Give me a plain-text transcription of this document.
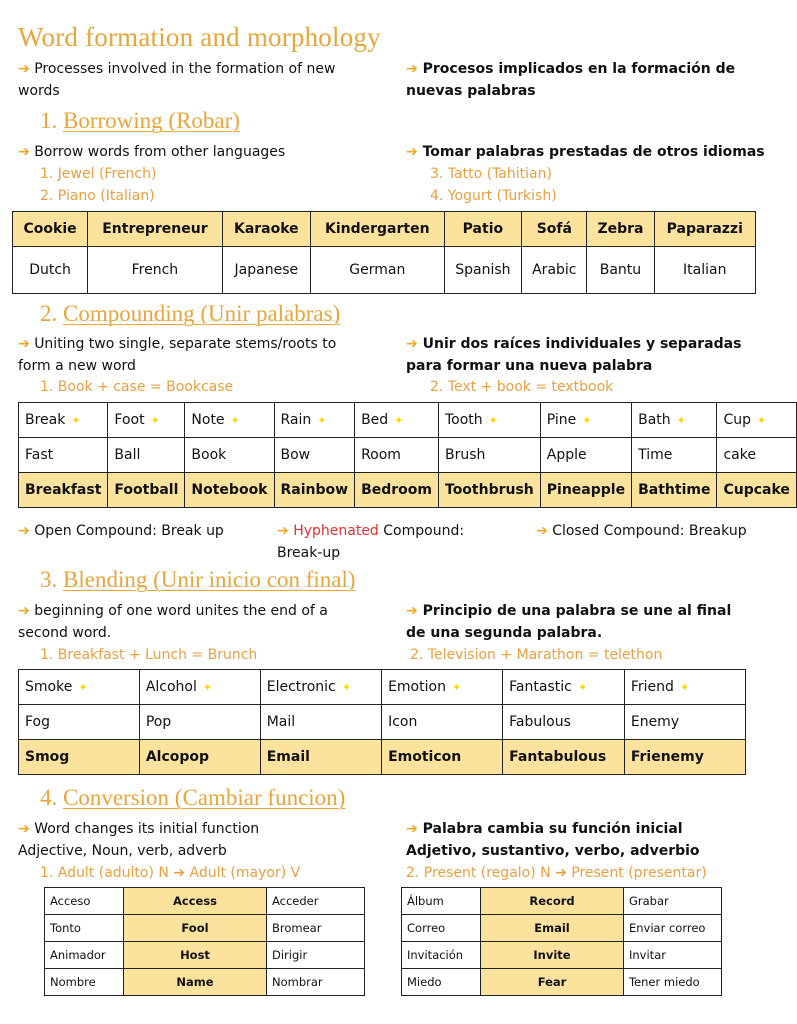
Word formation and morphology
➔ Processes involved in the formation of new words
➔ Procesos implicados en la formación de nuevas palabras
1. Borrowing (Robar)
➔ Borrow words from other languages	➔ Tomar palabras prestadas de otros idiomas
1. Jewel (French)
2. Piano (Italian)
3. Tatto (Tahitian)
4. Yogurt (Turkish)
Cookie	Entrepreneur	Karaoke	Kindergarten	Patio	Sofá	Zebra	Paparazzi
Dutch	French	Japanese	German	Spanish	Arabic	Bantu	Italian
2. Compounding (Unir palabras)
➔ Uniting two single, separate stems/roots to form a new word
➔ Unir dos raíces individuales y separadas para formar una nueva palabra
1. Book + case = Bookcase	2. Text + book = textbook
Break ✦	Foot ✦	Note ✦	Rain ✦	Bed ✦	Tooth ✦	Pine ✦	Bath ✦	Cup ✦
Fast	Ball	Book	Bow	Room	Brush	Apple	Time	cake
Breakfast	Football	Notebook	Rainbow	Bedroom	Toothbrush	Pineapple	Bathtime	Cupcake
➔ Open Compound: Break up	➔ Hyphenated Compound:
Break-up
➔ Closed Compound: Breakup
3. Blending (Unir inicio con final)
➔ beginning of one word unites the end of a second word.
➔ Principio de una palabra se une al final de una segunda palabra.
1. Breakfast + Lunch = Brunch	2. Television + Marathon = telethon
Smoke ✦	Alcohol ✦	Electronic ✦	Emotion ✦	Fantastic ✦	Friend ✦
Fog	Pop	Mail	Icon	Fabulous	Enemy
Smog	Alcopop	Email	Emoticon	Fantabulous	Frienemy
4. Conversion (Cambiar funcion)
➔ Word changes its initial function
Adjective, Noun, verb, adverb
➔ Palabra cambia su función inicial
Adjetivo, sustantivo, verbo, adverbio
1. Adult (adulto) N ➔ Adult (mayor) V	2. Present (regalo) N ➔ Present (presentar)
Acceso	Access	Acceder
Tonto	Fool	Bromear
Animador	Host	Dirigir
Nombre	Name	Nombrar
Álbum	Record	Grabar
Correo	Email	Enviar correo
Invitación	Invite	Invitar
Miedo	Fear	Tener miedo
